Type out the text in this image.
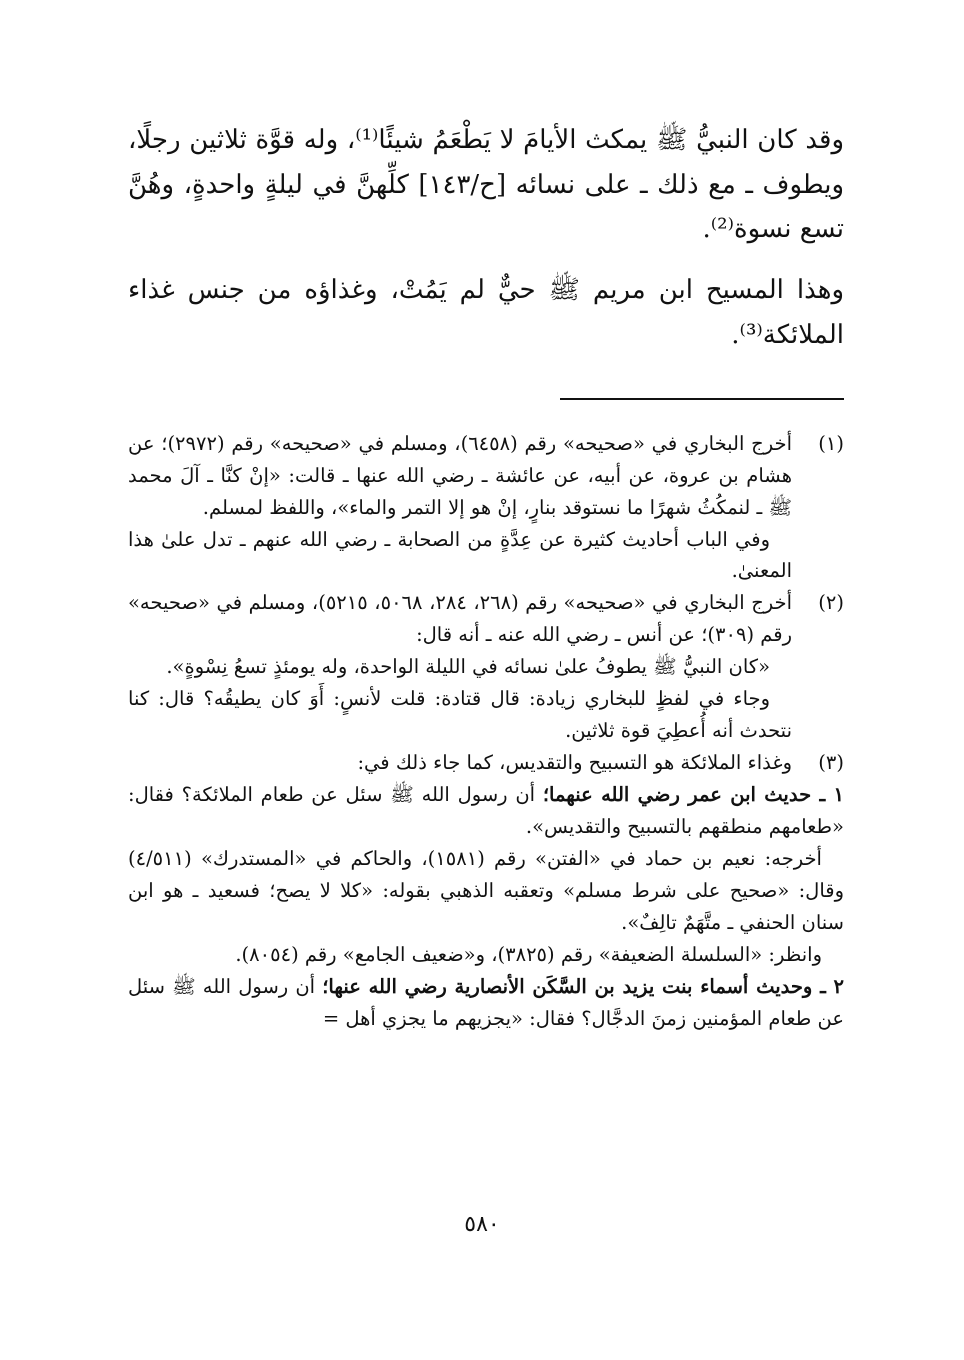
وقد كان النبيُّ ﷺ يمكث الأيامَ لا يَطْعَمُ شيئًا⁽¹⁾، وله قوَّة ثلاثين رجلًا، ويطوف ـ مع ذلك ـ على نسائه [ح/١٤٣] كلِّهنَّ في ليلةٍ واحدةٍ، وهُنَّ تسع نسوة⁽²⁾.

وهذا المسيح ابن مريم ﷺ حيٌّ لم يَمُتْ، وغذاؤه من جنس غذاء الملائكة⁽³⁾.

(١)

أخرج البخاري في «صحيحه» رقم (٦٤٥٨)، ومسلم في «صحيحه» رقم (٢٩٧٢)؛ عن هشام بن عروة، عن أبيه، عن عائشة ـ رضي الله عنها ـ قالت: «إنْ كنَّا ـ آلَ محمد ﷺ ـ لنمكُثُ شهرًا ما نستوقد بنارٍ، إنْ هو إلا التمر والماء»، واللفظ لمسلم.

وفي الباب أحاديث كثيرة عن عِدَّةٍ من الصحابة ـ رضي الله عنهم ـ تدل علىٰ هذا المعنىٰ.

(٢)

أخرج البخاري في «صحيحه» رقم (٢٦٨، ٢٨٤، ٥٠٦٨، ٥٢١٥)، ومسلم في «صحيحه» رقم (٣٠٩)؛ عن أنس ـ رضي الله عنه ـ أنه قال:

«كان النبيُّ ﷺ يطوفُ علىٰ نسائه في الليلة الواحدة، وله يومئذٍ تسعُ نِسْوةٍ».

وجاء في لفظٍ للبخاري زيادة: قال قتادة: قلت لأنسٍ: أَوَ كان يطيقُه؟ قال: كنا نتحدث أنه أُعطِيَ قوة ثلاثين.

(٣)

وغذاء الملائكة هو التسبيح والتقديس، كما جاء ذلك في:

١ ـ حديث ابن عمر رضي الله عنهما؛ أن رسول الله ﷺ سئل عن طعام الملائكة؟ فقال: «طعامهم منطقهم بالتسبيح والتقديس».

أخرجه: نعيم بن حماد في «الفتن» رقم (١٥٨١)، والحاكم في «المستدرك» (٤/٥١١) وقال: «صحيح على شرط مسلم» وتعقبه الذهبي بقوله: «كلا لا يصح؛ فسعيد ـ هو ابن سنان الحنفي ـ متَّهَمٌ تالِفٌ».

وانظر: «السلسلة الضعيفة» رقم (٣٨٢٥)، و«ضعيف الجامع» رقم (٨٠٥٤).

٢ ـ وحديث أسماء بنت يزيد بن السَّكَن الأنصارية رضي الله عنها؛ أن رسول الله ﷺ سئل عن طعام المؤمنين زمنَ الدجَّال؟ فقال: «يجزيهم ما يجزي أهل =

٥٨٠
